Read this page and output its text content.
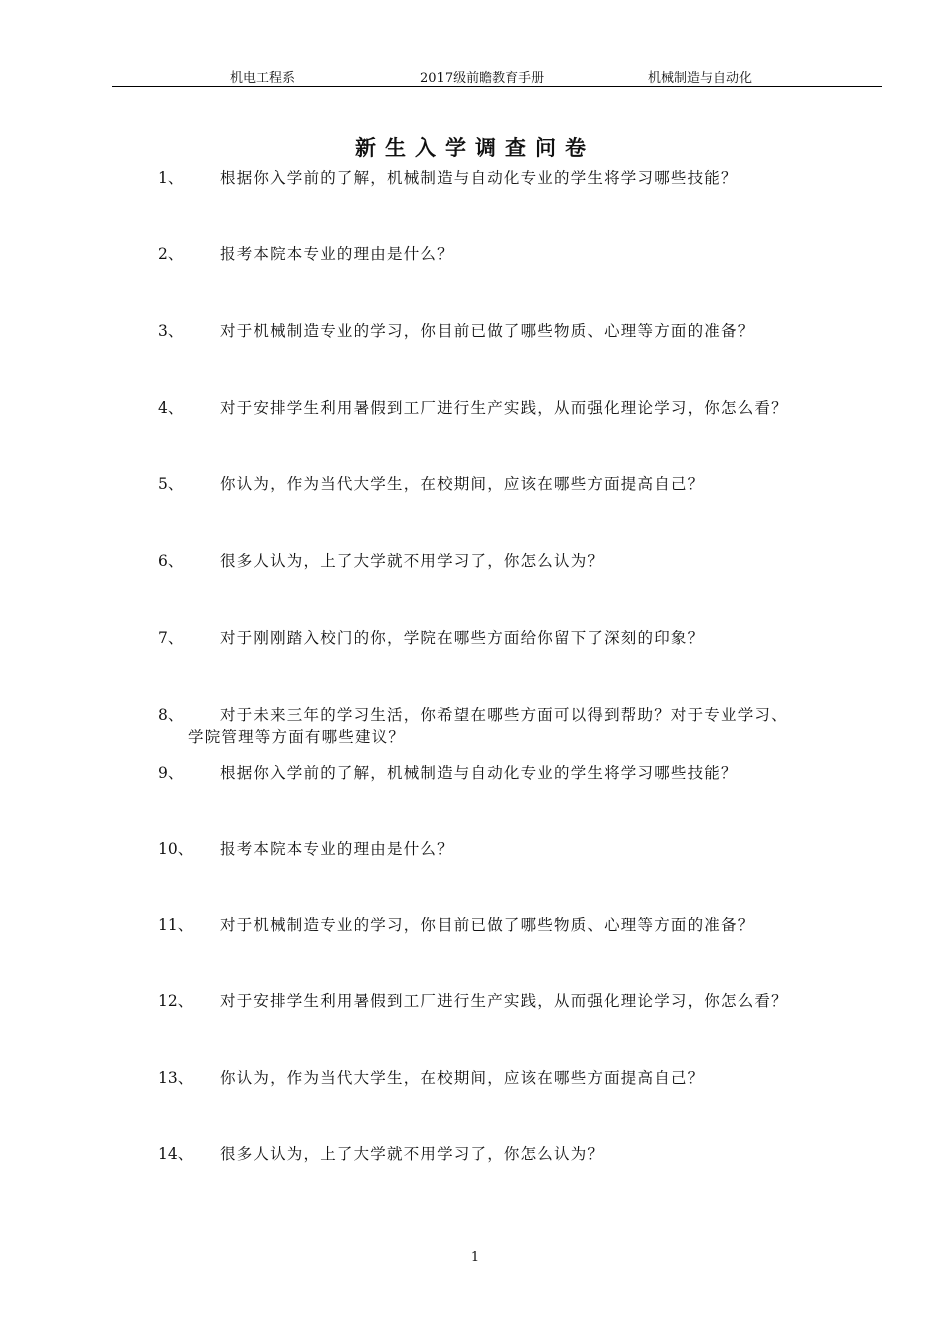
机电工程系	2017级前瞻教育手册	机械制造与自动化
新生入学调查问卷
1、 根据你入学前的了解，机械制造与自动化专业的学生将学习哪些技能？
2、 报考本院本专业的理由是什么？
3、 对于机械制造专业的学习，你目前已做了哪些物质、心理等方面的准备？
4、 对于安排学生利用暑假到工厂进行生产实践，从而强化理论学习，你怎么看？
5、 你认为，作为当代大学生，在校期间，应该在哪些方面提高自己？
6、 很多人认为，上了大学就不用学习了，你怎么认为？
7、 对于刚刚踏入校门的你，学院在哪些方面给你留下了深刻的印象？
8、 对于未来三年的学习生活，你希望在哪些方面可以得到帮助？对于专业学习、
学院管理等方面有哪些建议？
9、 根据你入学前的了解，机械制造与自动化专业的学生将学习哪些技能？
10、 报考本院本专业的理由是什么？
11、 对于机械制造专业的学习，你目前已做了哪些物质、心理等方面的准备？
12、 对于安排学生利用暑假到工厂进行生产实践，从而强化理论学习，你怎么看？
13、 你认为，作为当代大学生，在校期间，应该在哪些方面提高自己？
14、 很多人认为，上了大学就不用学习了，你怎么认为？
1
